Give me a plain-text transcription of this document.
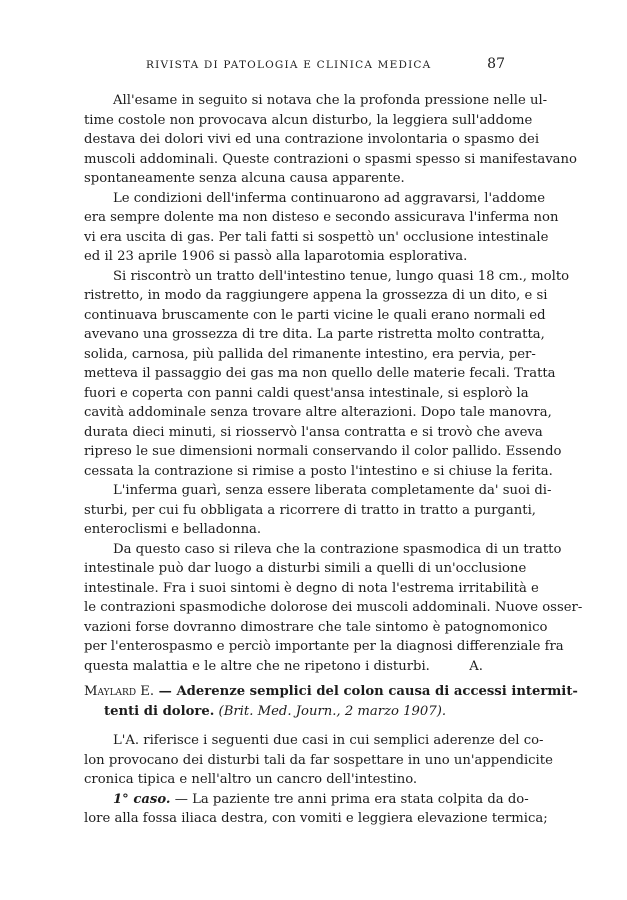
RIVISTA DI PATOLOGIA E CLINICA MEDICA	87
All'esame in seguito si notava che la profonda pressione nelle ul-
time costole non provocava alcun disturbo, la leggiera sull'addome
destava dei dolori vivi ed una contrazione involontaria o spasmo dei
muscoli addominali. Queste contrazioni o spasmi spesso si manifestavano
spontaneamente senza alcuna causa apparente.
Le condizioni dell'inferma continuarono ad aggravarsi, l'addome
era sempre dolente ma non disteso e secondo assicurava l'inferma non
vi era uscita di gas. Per tali fatti si sospettò un' occlusione intestinale
ed il 23 aprile 1906 si passò alla laparotomia esplorativa.
Si riscontrò un tratto dell'intestino tenue, lungo quasi 18 cm., molto
ristretto, in modo da raggiungere appena la grossezza di un dito, e si
continuava bruscamente con le parti vicine le quali erano normali ed
avevano una grossezza di tre dita. La parte ristretta molto contratta,
solida, carnosa, più pallida del rimanente intestino, era pervia, per-
metteva il passaggio dei gas ma non quello delle materie fecali. Tratta
fuori e coperta con panni caldi quest'ansa intestinale, si esplorò la
cavità addominale senza trovare altre alterazioni. Dopo tale manovra,
durata dieci minuti, si riosservò l'ansa contratta e si trovò che aveva
ripreso le sue dimensioni normali conservando il color pallido. Essendo
cessata la contrazione si rimise a posto l'intestino e si chiuse la ferita.
L'inferma guarì, senza essere liberata completamente da' suoi di-
sturbi, per cui fu obbligata a ricorrere di tratto in tratto a purganti,
enteroclismi e belladonna.
Da questo caso si rileva che la contrazione spasmodica di un tratto
intestinale può dar luogo a disturbi simili a quelli di un'occlusione
intestinale. Fra i suoi sintomi è degno di nota l'estrema irritabilità e
le contrazioni spasmodiche dolorose dei muscoli addominali. Nuove osser-
vazioni forse dovranno dimostrare che tale sintomo è patognomonico
per l'enterospasmo e perciò importante per la diagnosi differenziale fra
questa malattia e le altre che ne ripetono i disturbi.	A.
Maylard E. — Aderenze semplici del colon causa di accessi intermit-
tenti di dolore. (Brit. Med. Journ., 2 marzo 1907).
L'A. riferisce i seguenti due casi in cui semplici aderenze del co-
lon provocano dei disturbi tali da far sospettare in uno un'appendicite
cronica tipica e nell'altro un cancro dell'intestino.
1° caso. — La paziente tre anni prima era stata colpita da do-
lore alla fossa iliaca destra, con vomiti e leggiera elevazione termica;
